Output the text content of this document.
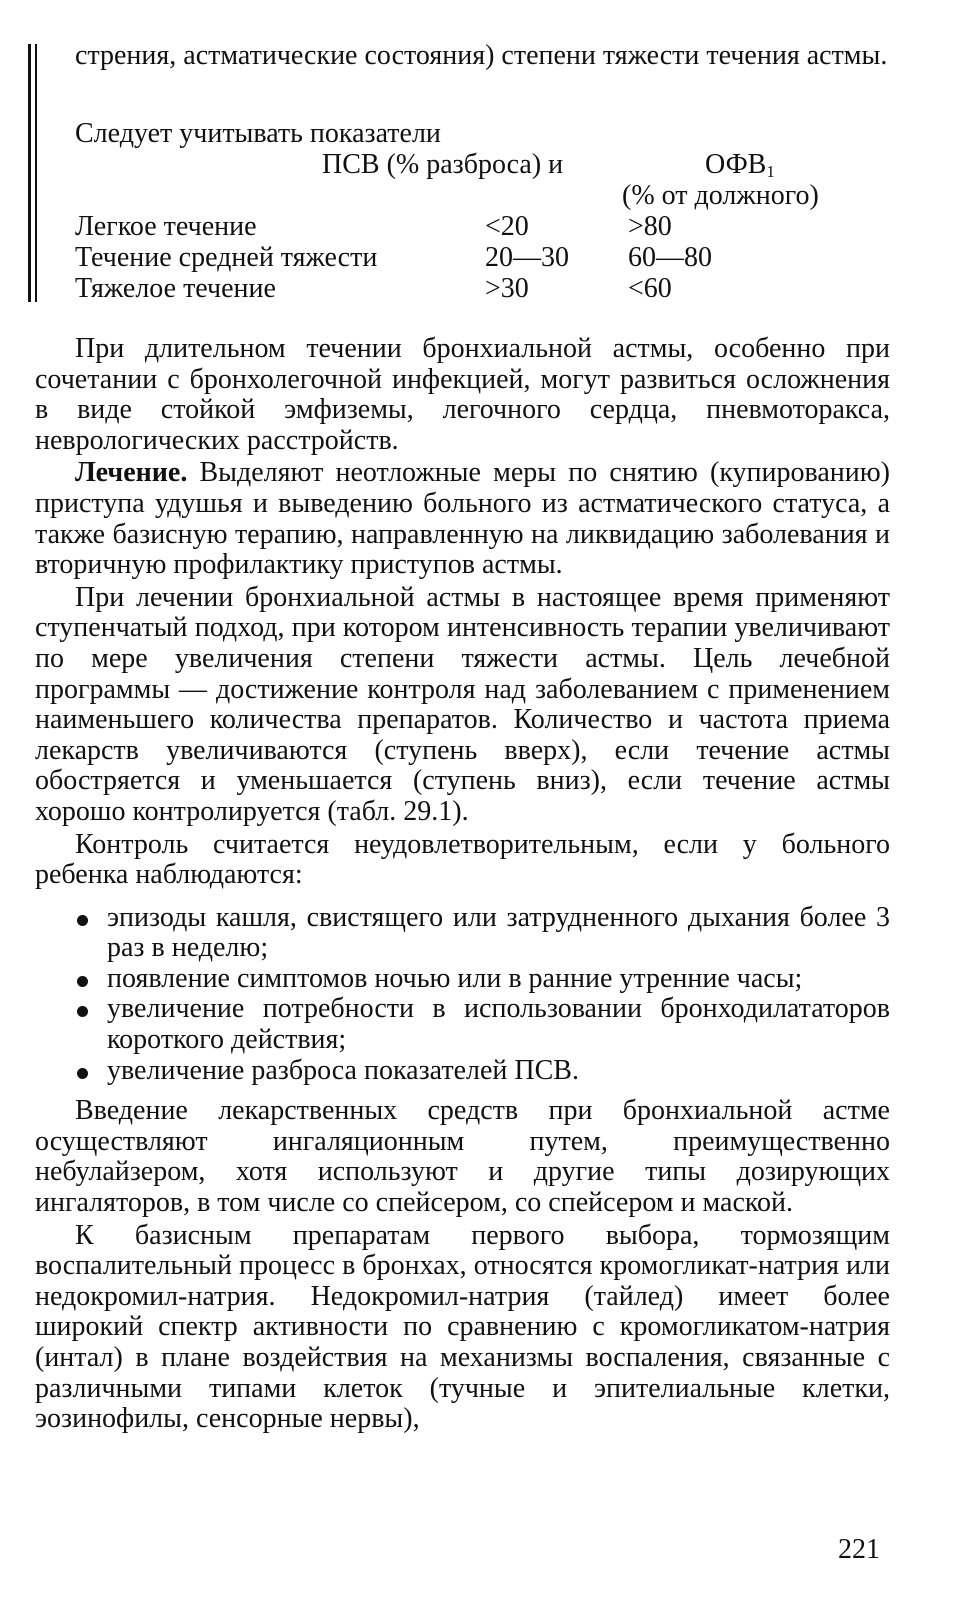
стрения, астматические состояния) степени тяжести течения астмы.

Следует учитывать показатели
ПСВ (% разброса) и	$ОФВ_1$
(% от должного)
Легкое течение	<20	>80
Течение средней тяжести	20—30 60—80
Тяжелое течение	>30	<60

При длительном течении бронхиальной астмы, особенно при сочетании с бронхолегочной инфекцией, могут развиться осложнения в виде стойкой эмфиземы, легочного сердца, пневмоторакса, неврологических расстройств.

Лечение. Выделяют неотложные меры по снятию (купированию) приступа удушья и выведению больного из астматического статуса, а также базисную терапию, направленную на ликвидацию заболевания и вторичную профилактику приступов астмы.

При лечении бронхиальной астмы в настоящее время применяют ступенчатый подход, при котором интенсивность терапии увеличивают по мере увеличения степени тяжести астмы. Цель лечебной программы — достижение контроля над заболеванием с применением наименьшего количества препаратов. Количество и частота приема лекарств увеличиваются (ступень вверх), если течение астмы обостряется и уменьшается (ступень вниз), если течение астмы хорошо контролируется (табл. 29.1).

Контроль считается неудовлетворительным, если у больного ребенка наблюдаются:

эпизоды кашля, свистящего или затрудненного дыхания более 3 раз в неделю;
появление симптомов ночью или в ранние утренние часы;
увеличение потребности в использовании бронходилататоров короткого действия;
увеличение разброса показателей ПСВ.

Введение лекарственных средств при бронхиальной астме осуществляют ингаляционным путем, преимущественно небулайзером, хотя используют и другие типы дозирующих ингаляторов, в том числе со спейсером, со спейсером и маской.

К базисным препаратам первого выбора, тормозящим воспалительный процесс в бронхах, относятся кромогликат-натрия или недокромил-натрия. Недокромил-натрия (тайлед) имеет более широкий спектр активности по сравнению с кромогликатом-натрия (интал) в плане воздействия на механизмы воспаления, связанные с различными типами клеток (тучные и эпителиальные клетки, эозинофилы, сенсорные нервы),

221
